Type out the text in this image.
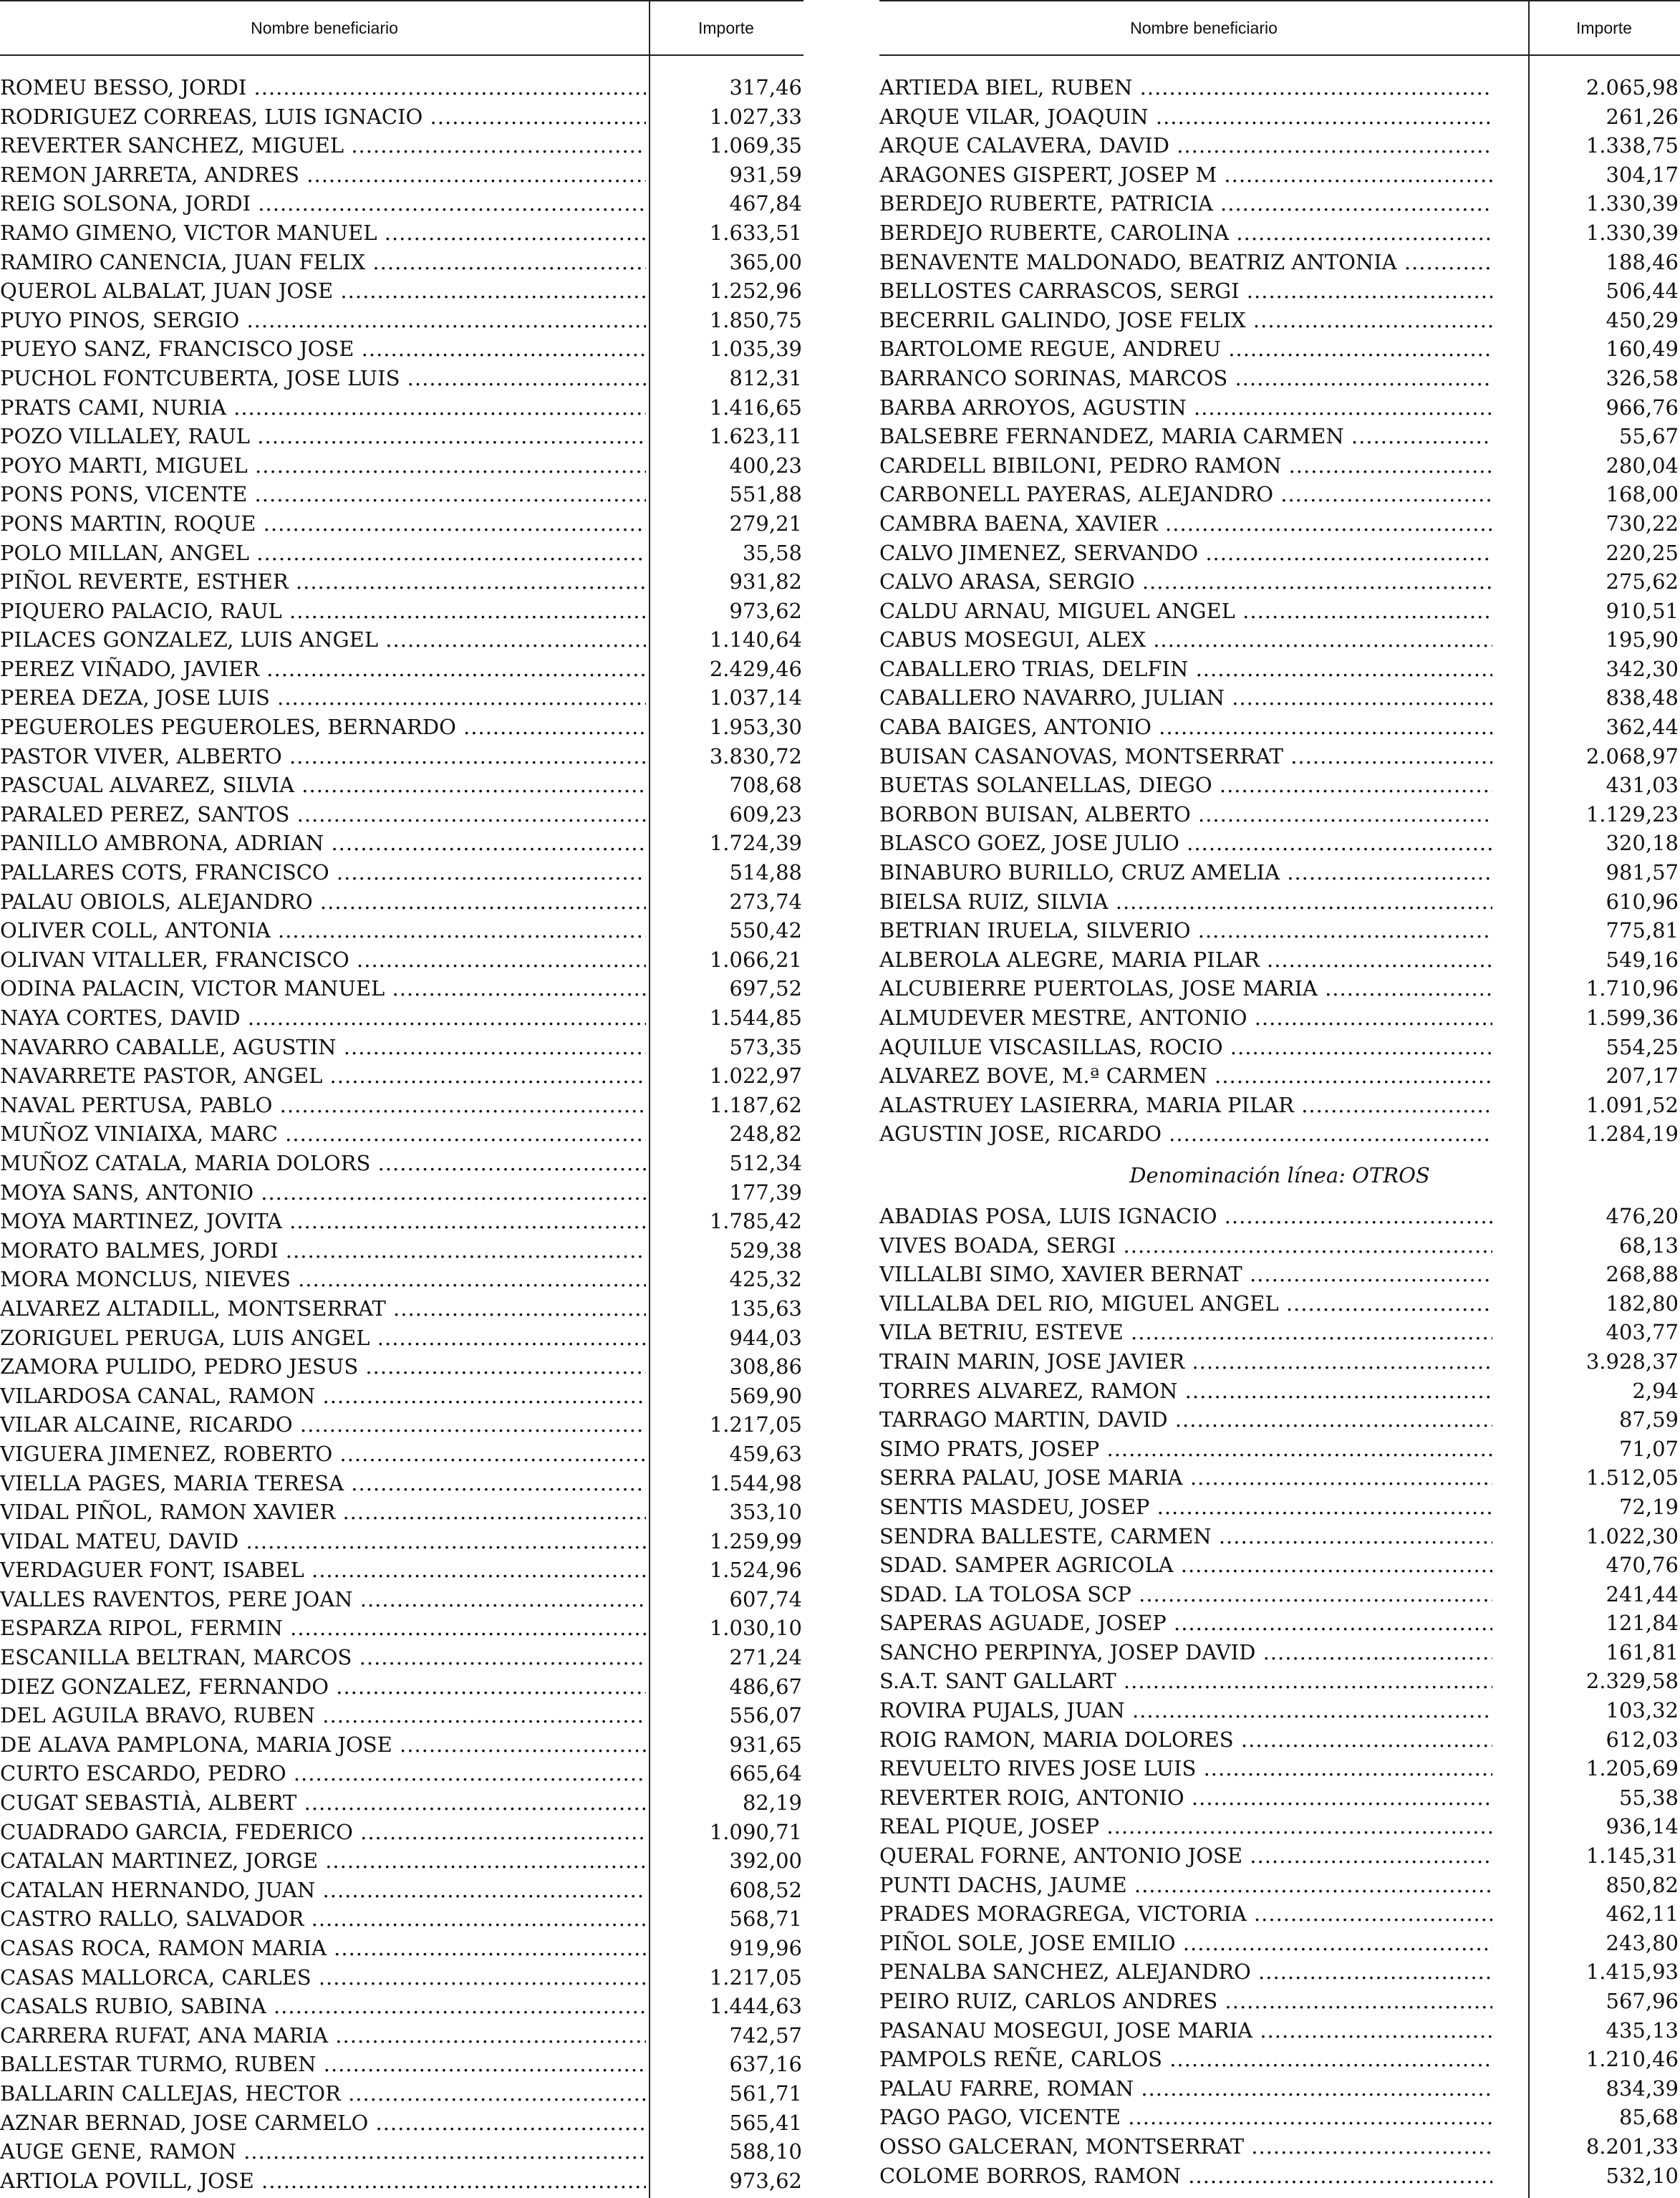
Nombre beneficiario	Importe
ROMEU BESSO, JORDI .....	317,46
RODRIGUEZ CORREAS, LUIS IGNACIO .....	1.027,33
REVERTER SANCHEZ, MIGUEL .....	1.069,35
REMON JARRETA, ANDRES .....	931,59
REIG SOLSONA, JORDI .....	467,84
RAMO GIMENO, VICTOR MANUEL .....	1.633,51
RAMIRO CANENCIA, JUAN FELIX .....	365,00
QUEROL ALBALAT, JUAN JOSE .....	1.252,96
PUYO PINOS, SERGIO .....	1.850,75
PUEYO SANZ, FRANCISCO JOSE .....	1.035,39
PUCHOL FONTCUBERTA, JOSE LUIS .....	812,31
PRATS CAMI, NURIA .....	1.416,65
POZO VILLALEY, RAUL .....	1.623,11
POYO MARTI, MIGUEL .....	400,23
PONS PONS, VICENTE .....	551,88
PONS MARTIN, ROQUE .....	279,21
POLO MILLAN, ANGEL .....	35,58
PIÑOL REVERTE, ESTHER .....	931,82
PIQUERO PALACIO, RAUL .....	973,62
PILACES GONZALEZ, LUIS ANGEL .....	1.140,64
PEREZ VIÑADO, JAVIER .....	2.429,46
PEREA DEZA, JOSE LUIS .....	1.037,14
PEGUEROLES PEGUEROLES, BERNARDO .....	1.953,30
PASTOR VIVER, ALBERTO .....	3.830,72
PASCUAL ALVAREZ, SILVIA .....	708,68
PARALED PEREZ, SANTOS .....	609,23
PANILLO AMBRONA, ADRIAN .....	1.724,39
PALLARES COTS, FRANCISCO .....	514,88
PALAU OBIOLS, ALEJANDRO .....	273,74
OLIVER COLL, ANTONIA .....	550,42
OLIVAN VITALLER, FRANCISCO .....	1.066,21
ODINA PALACIN, VICTOR MANUEL .....	697,52
NAYA CORTES, DAVID .....	1.544,85
NAVARRO CABALLE, AGUSTIN .....	573,35
NAVARRETE PASTOR, ANGEL .....	1.022,97
NAVAL PERTUSA, PABLO .....	1.187,62
MUÑOZ VINIAIXA, MARC .....	248,82
MUÑOZ CATALA, MARIA DOLORS .....	512,34
MOYA SANS, ANTONIO .....	177,39
MOYA MARTINEZ, JOVITA .....	1.785,42
MORATO BALMES, JORDI .....	529,38
MORA MONCLUS, NIEVES .....	425,32
ALVAREZ ALTADILL, MONTSERRAT .....	135,63
ZORIGUEL PERUGA, LUIS ANGEL .....	944,03
ZAMORA PULIDO, PEDRO JESUS .....	308,86
VILARDOSA CANAL, RAMON .....	569,90
VILAR ALCAINE, RICARDO .....	1.217,05
VIGUERA JIMENEZ, ROBERTO .....	459,63
VIELLA PAGES, MARIA TERESA .....	1.544,98
VIDAL PIÑOL, RAMON XAVIER .....	353,10
VIDAL MATEU, DAVID .....	1.259,99
VERDAGUER FONT, ISABEL .....	1.524,96
VALLES RAVENTOS, PERE JOAN .....	607,74
ESPARZA RIPOL, FERMIN .....	1.030,10
ESCANILLA BELTRAN, MARCOS .....	271,24
DIEZ GONZALEZ, FERNANDO .....	486,67
DEL AGUILA BRAVO, RUBEN .....	556,07
DE ALAVA PAMPLONA, MARIA JOSE .....	931,65
CURTO ESCARDO, PEDRO .....	665,64
CUGAT SEBASTIÀ, ALBERT .....	82,19
CUADRADO GARCIA, FEDERICO .....	1.090,71
CATALAN MARTINEZ, JORGE .....	392,00
CATALAN HERNANDO, JUAN .....	608,52
CASTRO RALLO, SALVADOR .....	568,71
CASAS ROCA, RAMON MARIA .....	919,96
CASAS MALLORCA, CARLES .....	1.217,05
CASALS RUBIO, SABINA .....	1.444,63
CARRERA RUFAT, ANA MARIA .....	742,57
BALLESTAR TURMO, RUBEN .....	637,16
BALLARIN CALLEJAS, HECTOR .....	561,71
AZNAR BERNAD, JOSE CARMELO .....	565,41
AUGE GENE, RAMON .....	588,10
ARTIOLA POVILL, JOSE .....	973,62
Nombre beneficiario	Importe
ARTIEDA BIEL, RUBEN .....	2.065,98
ARQUE VILAR, JOAQUIN .....	261,26
ARQUE CALAVERA, DAVID .....	1.338,75
ARAGONES GISPERT, JOSEP M .....	304,17
BERDEJO RUBERTE, PATRICIA .....	1.330,39
BERDEJO RUBERTE, CAROLINA .....	1.330,39
BENAVENTE MALDONADO, BEATRIZ ANTONIA .....	188,46
BELLOSTES CARRASCOS, SERGI .....	506,44
BECERRIL GALINDO, JOSE FELIX .....	450,29
BARTOLOME REGUE, ANDREU .....	160,49
BARRANCO SORINAS, MARCOS .....	326,58
BARBA ARROYOS, AGUSTIN .....	966,76
BALSEBRE FERNANDEZ, MARIA CARMEN .....	55,67
CARDELL BIBILONI, PEDRO RAMON .....	280,04
CARBONELL PAYERAS, ALEJANDRO .....	168,00
CAMBRA BAENA, XAVIER .....	730,22
CALVO JIMENEZ, SERVANDO .....	220,25
CALVO ARASA, SERGIO .....	275,62
CALDU ARNAU, MIGUEL ANGEL .....	910,51
CABUS MOSEGUI, ALEX .....	195,90
CABALLERO TRIAS, DELFIN .....	342,30
CABALLERO NAVARRO, JULIAN .....	838,48
CABA BAIGES, ANTONIO .....	362,44
BUISAN CASANOVAS, MONTSERRAT .....	2.068,97
BUETAS SOLANELLAS, DIEGO .....	431,03
BORBON BUISAN, ALBERTO .....	1.129,23
BLASCO GOEZ, JOSE JULIO .....	320,18
BINABURO BURILLO, CRUZ AMELIA .....	981,57
BIELSA RUIZ, SILVIA .....	610,96
BETRIAN IRUELA, SILVERIO .....	775,81
ALBEROLA ALEGRE, MARIA PILAR .....	549,16
ALCUBIERRE PUERTOLAS, JOSE MARIA .....	1.710,96
ALMUDEVER MESTRE, ANTONIO .....	1.599,36
AQUILUE VISCASILLAS, ROCIO .....	554,25
ALVAREZ BOVE, M.ª CARMEN .....	207,17
ALASTRUEY LASIERRA, MARIA PILAR .....	1.091,52
AGUSTIN JOSE, RICARDO .....	1.284,19
Denominación línea: OTROS
ABADIAS POSA, LUIS IGNACIO .....	476,20
VIVES BOADA, SERGI .....	68,13
VILLALBI SIMO, XAVIER BERNAT .....	268,88
VILLALBA DEL RIO, MIGUEL ANGEL .....	182,80
VILA BETRIU, ESTEVE .....	403,77
TRAIN MARIN, JOSE JAVIER .....	3.928,37
TORRES ALVAREZ, RAMON .....	2,94
TARRAGO MARTIN, DAVID .....	87,59
SIMO PRATS, JOSEP .....	71,07
SERRA PALAU, JOSE MARIA .....	1.512,05
SENTIS MASDEU, JOSEP .....	72,19
SENDRA BALLESTE, CARMEN .....	1.022,30
SDAD. SAMPER AGRICOLA .....	470,76
SDAD. LA TOLOSA SCP .....	241,44
SAPERAS AGUADE, JOSEP .....	121,84
SANCHO PERPINYA, JOSEP DAVID .....	161,81
S.A.T. SANT GALLART .....	2.329,58
ROVIRA PUJALS, JUAN .....	103,32
ROIG RAMON, MARIA DOLORES .....	612,03
REVUELTO RIVES JOSE LUIS .....	1.205,69
REVERTER ROIG, ANTONIO .....	55,38
REAL PIQUE, JOSEP .....	936,14
QUERAL FORNE, ANTONIO JOSE .....	1.145,31
PUNTI DACHS, JAUME .....	850,82
PRADES MORAGREGA, VICTORIA .....	462,11
PIÑOL SOLE, JOSE EMILIO .....	243,80
PENALBA SANCHEZ, ALEJANDRO .....	1.415,93
PEIRO RUIZ, CARLOS ANDRES .....	567,96
PASANAU MOSEGUI, JOSE MARIA .....	435,13
PAMPOLS REÑE, CARLOS .....	1.210,46
PALAU FARRE, ROMAN .....	834,39
PAGO PAGO, VICENTE .....	85,68
OSSO GALCERAN, MONTSERRAT .....	8.201,33
COLOME BORROS, RAMON .....	532,10
